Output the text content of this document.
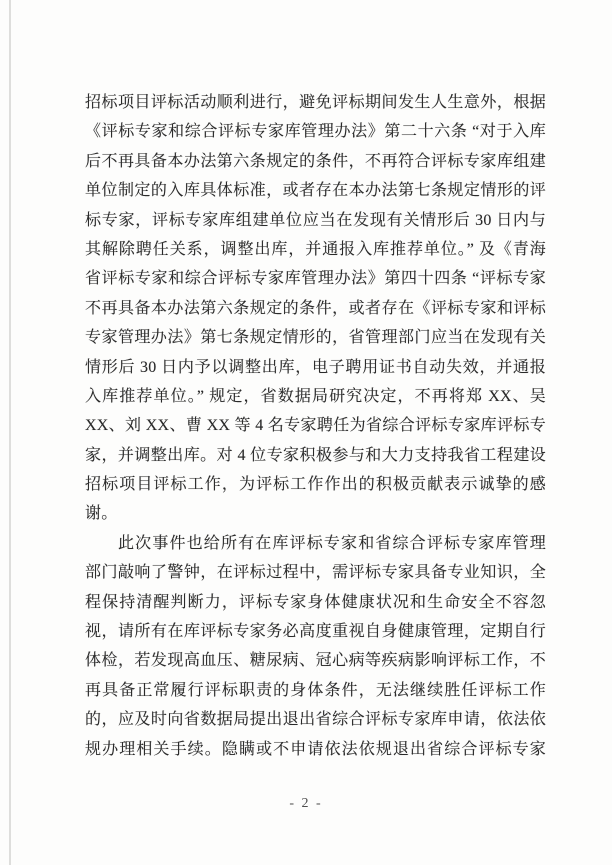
招标项目评标活动顺利进行，避免评标期间发生人生意外，根据
《评标专家和综合评标专家库管理办法》第二十六条 “对于入库
后不再具备本办法第六条规定的条件，不再符合评标专家库组建
单位制定的入库具体标准，或者存在本办法第七条规定情形的评
标专家，评标专家库组建单位应当在发现有关情形后 30 日内与
其解除聘任关系，调整出库，并通报入库推荐单位。” 及《青海
省评标专家和综合评标专家库管理办法》第四十四条 “评标专家
不再具备本办法第六条规定的条件，或者存在《评标专家和评标
专家管理办法》第七条规定情形的，省管理部门应当在发现有关
情形后 30 日内予以调整出库，电子聘用证书自动失效，并通报
入库推荐单位。” 规定，省数据局研究决定，不再将郑 XX、吴
XX、刘 XX、曹 XX 等 4 名专家聘任为省综合评标专家库评标专
家，并调整出库。对 4 位专家积极参与和大力支持我省工程建设
招标项目评标工作，为评标工作作出的积极贡献表示诚挚的感
谢。
此次事件也给所有在库评标专家和省综合评标专家库管理
部门敲响了警钟，在评标过程中，需评标专家具备专业知识，全
程保持清醒判断力，评标专家身体健康状况和生命安全不容忽
视，请所有在库评标专家务必高度重视自身健康管理，定期自行
体检，若发现高血压、糖尿病、冠心病等疾病影响评标工作，不
再具备正常履行评标职责的身体条件，无法继续胜任评标工作
的，应及时向省数据局提出退出省综合评标专家库申请，依法依
规办理相关手续。隐瞒或不申请依法依规退出省综合评标专家
- 2 -
